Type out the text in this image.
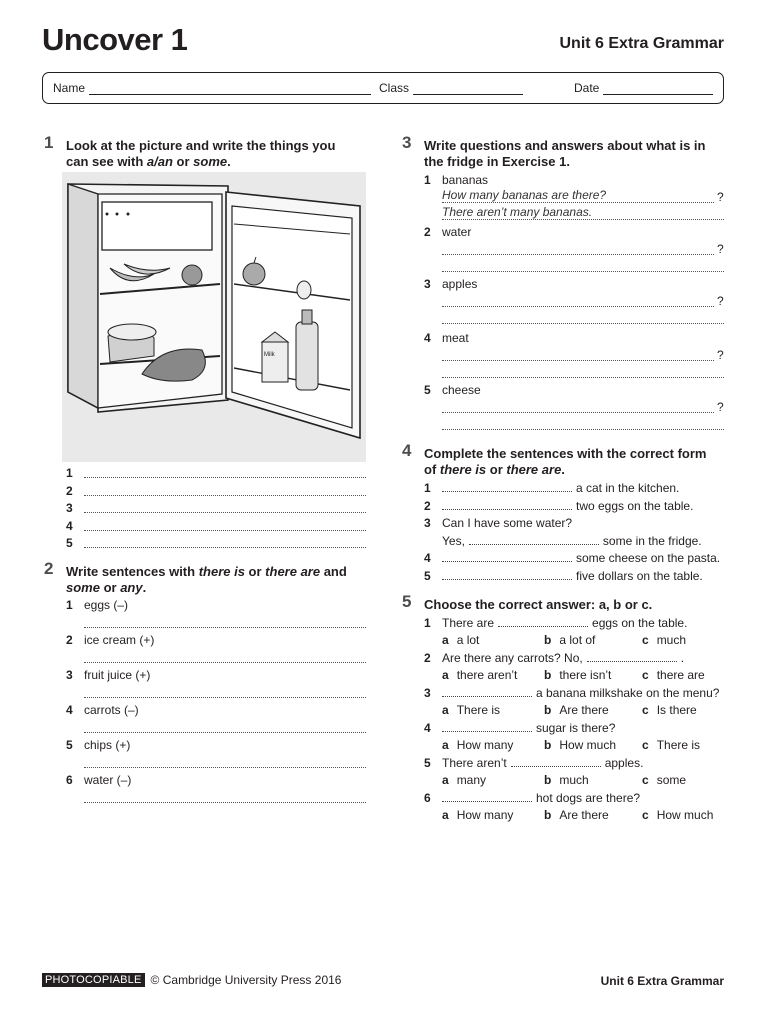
Uncover 1	Unit 6 Extra Grammar
Name	Class	Date
1 Look at the picture and write the things you
can see with a/an or some.
Milk
1
2
3
4
5
2 Write sentences with there is or there are and
some or any.
1 eggs (–)
2 ice cream (+)
3 fruit juice (+)
4 carrots (–)
5 chips (+)
6 water (–)
3 Write questions and answers about what is in
the fridge in Exercise 1.
1 bananas
How many bananas are there?	?
There aren’t many bananas.
2 water
?
3 apples
?
4 meat
?
5 cheese
?
4 Complete the sentences with the correct form
of there is or there are.
1	a cat in the kitchen.
2	two eggs on the table.
3 Can I have some water?
Yes,	some in the fridge.
4	some cheese on the pasta.
5	five dollars on the table.
5 Choose the correct answer: a, b or c.
1 There are	eggs on the table.
a a lot	b a lot of	c much
2 Are there any carrots? No,	.
a there aren’t b there isn’t	c there are
3	a banana milkshake on the menu?
a There is	b Are there	c Is there
4	sugar is there?
a How many	b How much c There is
5 There aren’t	apples.
a many	b much	c some
6	hot dogs are there?
a How many	b Are there	c How much
PHOTOCOPIABLE © Cambridge University Press 2016	Unit 6 Extra Grammar
